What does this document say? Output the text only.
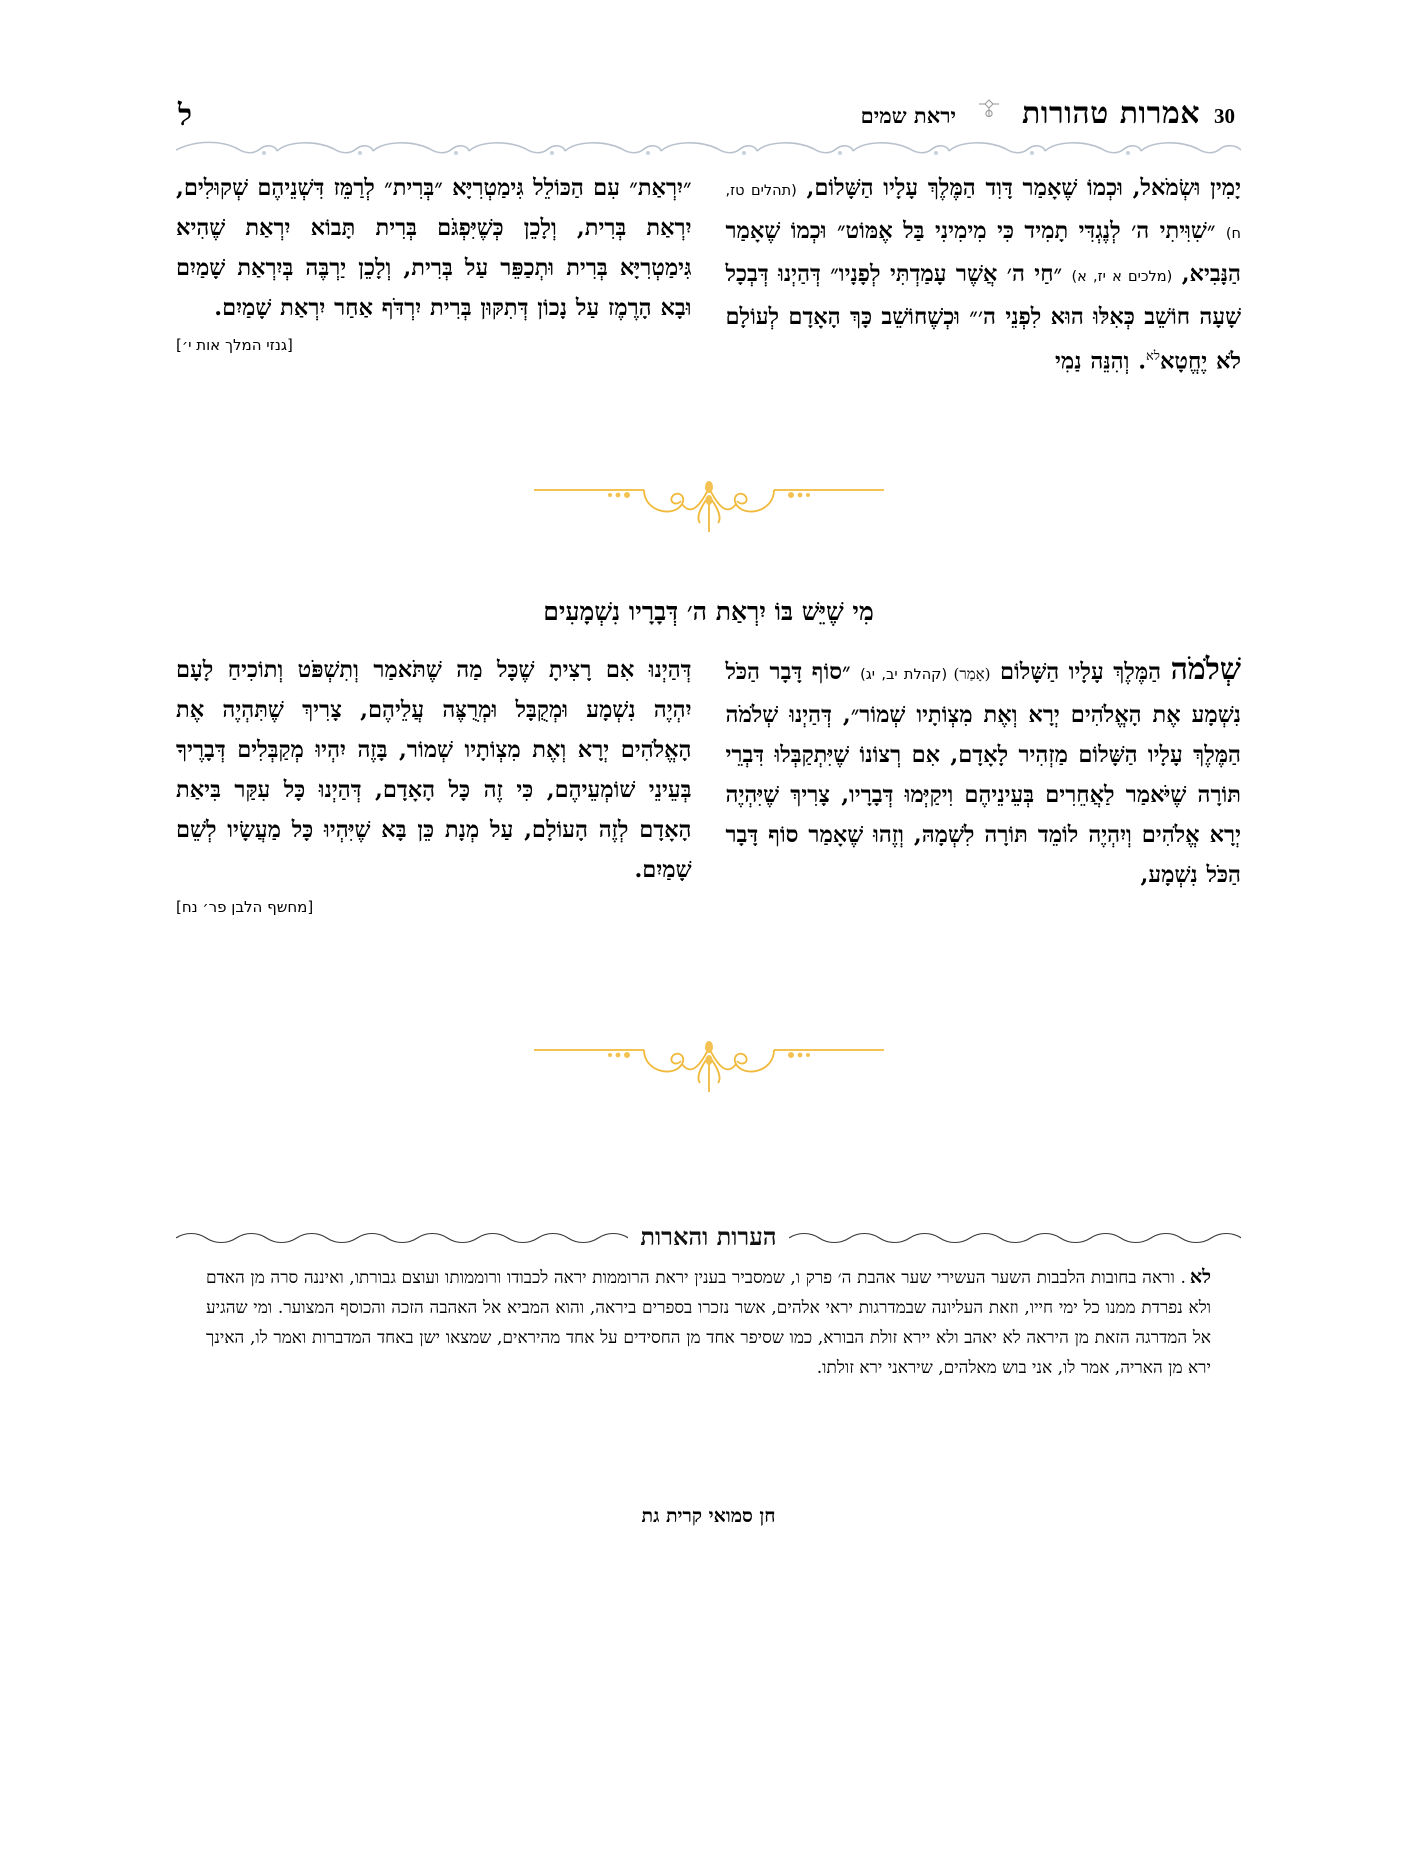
ל	30
אמרות טהורות
יראת שמים
יָמִין וּשְׂמֹאל, וּכְמוֹ שֶׁאָמַר דָּוִד הַמֶּלֶךְ עָלָיו הַשָּׁלוֹם, (תהלים טז, ח) ״שִׁוִּיתִי ה׳ לְנֶגְדִּי תָמִיד כִּי מִימִינִי בַּל אֶמּוֹט״ וּכְמוֹ שֶׁאָמַר הַנָּבִיא, (מלכים א יז, א) ״חַי ה׳ אֲשֶׁר עָמַדְתִּי לְפָנָיו״ דְּהַיְנוּ דְּבְכָל שָׁעָה חוֹשֵׁב כְּאִלּוּ הוּא לִפְנֵי ה׳״ וּכְשֶׁחוֹשֵׁב כָּךְ הָאָדָם לְעוֹלָם לֹא יֶחֱטָא$^{לא}$. וְהִנֵּה נַמִי
״יִרְאַת״ עִם הַכּוֹלֵל גִּימַטְרִיָּא ״בְּרִית״ לְרַמֵּז דִּשְׁנֵיהֶם שְׁקוּלִים, יִרְאַת בְּרִית, וְלָכֵן כְּשֶׁיִּפְגֹּם בְּרִית תָּבוֹא יִרְאַת שֶׁהִיא גִּימַטְרִיָּא בְּרִית וּתְכַפֵּר עַל בְּרִית, וְלָכֵן יַרְבֶּה בְּיִרְאַת שָׁמַיִם וּבָא הָרֶמֶז עַל נָכוֹן דְּתִקּוּן בְּרִית יִרְדֹּף אַחַר יִרְאַת שָׁמַיִם.
[גנזי המלך אות י׳]
מִי שֶׁיֵּשׁ בּוֹ יִרְאַת ה׳ דְּבָרָיו נִשְׁמָעִים
שְׁלֹמֹה הַמֶּלֶךְ עָלָיו הַשָּׁלוֹם (אָמַר) (קהלת יב, יג) ״סוֹף דָּבָר הַכֹּל נִשְׁמָע אֶת הָאֱלֹהִים יְרָא וְאֶת מִצְוֹתָיו שְׁמוֹר״, דְּהַיְנוּ שְׁלֹמֹה הַמֶּלֶךְ עָלָיו הַשָּׁלוֹם מַזְהִיר לָאָדָם, אִם רְצוֹנוֹ שֶׁיִּתְקַבְּלוּ דִּבְרֵי תּוֹרָה שֶׁיֹּאמַר לַאֲחֵרִים בְּעֵינֵיהֶם וִיקַיְּמוּ דְּבָרָיו, צָרִיךְ שֶׁיִּהְיֶה יְרָא אֱלֹהִים וְיִהְיֶה לוֹמֵד תּוֹרָה לִשְׁמָהּ, וְזֶהוּ שֶׁאָמַר סוֹף דָּבָר הַכֹּל נִשְׁמָע,
דְּהַיְנוּ אִם רָצִיתָ שֶׁכָּל מַה שֶׁתֹּאמַר וְתִשְׁפֹּט וְתוֹכִיחַ לָעָם יִהְיֶה נִשְׁמָע וּמְקֻבָּל וּמְרֻצֶּה עֲלֵיהֶם, צָרִיךְ שֶׁתִּהְיֶה אֶת הָאֱלֹהִים יְרָא וְאֶת מִצְוֹתָיו שְׁמוֹר, בָּזֶה יִהְיוּ מְקַבְּלִים דְּבָרֶיךָ בְּעֵינֵי שׁוֹמְעֵיהֶם, כִּי זֶה כָּל הָאָדָם, דְּהַיְנוּ כָּל עִקַּר בִּיאַת הָאָדָם לְזֶה הָעוֹלָם, עַל מְנָת כֵּן בָּא שֶׁיִּהְיוּ כָּל מַעֲשָׂיו לְשֵׁם שָׁמַיִם.
[מחשף הלבן פר׳ נח]
הערות והארות
לא. וראה בחובות הלבבות השער העשירי שער אהבת ה׳ פרק ו, שמסביר בענין יראת הרוממות יראה לכבודו ורוממותו ועוצם גבורתו, ואיננה סרה מן האדם ולא נפרדת ממנו כל ימי חייו, וזאת העליונה שבמדרגות יראי אלהים, אשר נזכרו בספרים ביראה, והוא המביא אל האהבה הזכה והכוסף המצוער. ומי שהגיע אל המדרגה הזאת מן היראה לא יאהב ולא יירא זולת הבורא, כמו שסיפר אחד מן החסידים על אחד מהיראים, שמצאו ישן באחד המדברות ואמר לו, האינך ירא מן האריה, אמר לו, אני בוש מאלהים, שיראני ירא זולתו.
חן סמואי קרית גת
